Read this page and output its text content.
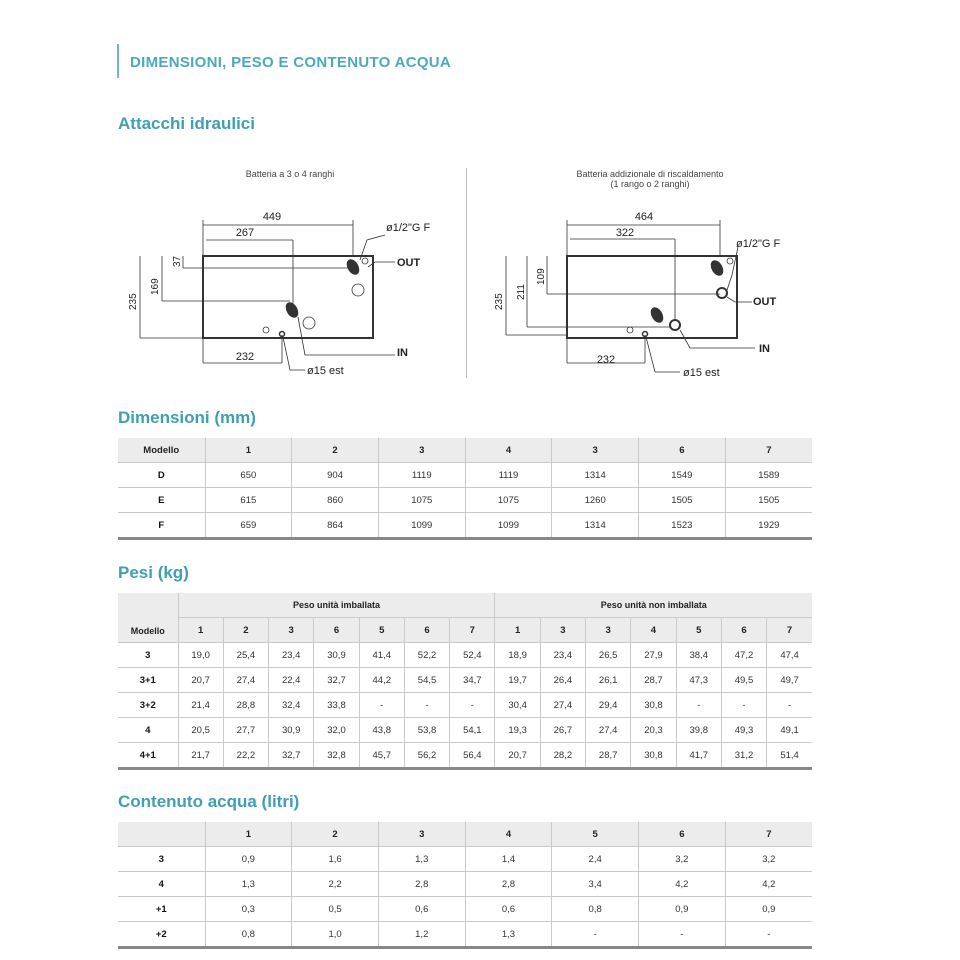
DIMENSIONI, PESO E CONTENUTO ACQUA
Attacchi idraulici
Batteria a 3 o 4 ranghi	Batteria addizionale di riscaldamento
(1 rango o 2 ranghi)
449
267
37
169
235
232
ø1/2"G F
OUT
IN
ø15 est
464
322
109
211
235
232
ø1/2"G F
OUT
IN
ø15 est
Dimensioni (mm)
Modello	1	2	3	4	3	6	7
D	650	904	1119	1119	1314	1549	1589
E	615	860	1075	1075	1260	1505	1505
F	659	864	1099	1099	1314	1523	1929
Pesi (kg)
Modello	Peso unità imballata							Peso unità non imballata						
	1	2	3	6	5	6	7	1	3	3	4	5	6	7
3	19,0	25,4	23,4	30,9	41,4	52,2	52,4	18,9	23,4	26,5	27,9	38,4	47,2	47,4
3+1	20,7	27,4	22,4	32,7	44,2	54,5	34,7	19,7	26,4	26,1	28,7	47,3	49,5	49,7
3+2	21,4	28,8	32,4	33,8	-	-	-	30,4	27,4	29,4	30,8	-	-	-
4	20,5	27,7	30,9	32,0	43,8	53,8	54,1	19,3	26,7	27,4	20,3	39,8	49,3	49,1
4+1	21,7	22,2	32,7	32,8	45,7	56,2	56,4	20,7	28,2	28,7	30,8	41,7	31,2	51,4
Contenuto acqua (litri)
	1	2	3	4	5	6	7
3	0,9	1,6	1,3	1,4	2,4	3,2	3,2
4	1,3	2,2	2,8	2,8	3,4	4,2	4,2
+1	0,3	0,5	0,6	0,6	0,8	0,9	0,9
+2	0,8	1,0	1,2	1,3	-	-	-
